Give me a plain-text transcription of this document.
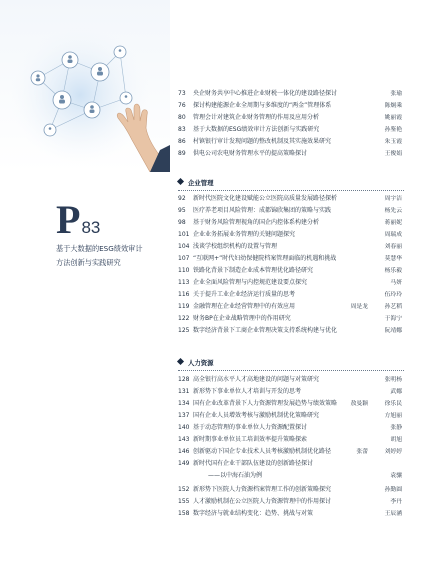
P83
基于大数据的ESG绩效审计
方法创新与实践研究
73	央企财务共享中心推进企业财税一体化的建设路径探讨	张瑜
76	探讨构建能源企业全周期与多维度的“两金”管理体系	陈炯乘
80	管理会计对建筑企业财务管理的作用及应用分析	姚丽霞
83	基于大数据的ESG绩效审计方法创新与实践研究	孙鉴艳
86	村镇银行审计发现问题的整改机制及其实施效果研究	朱玉霞
89	供电公司农电财务管理水平的提高策略探讨	王俊娟
企业管理
92	新时代医院文化建设赋能公立医院高质量发展路径探析	周宇洁
95	医疗养老项目风险管理：成都锦欣集团的策略与实践	杨先云
98	基于财务风险管理视角的国企内控体系构建分析	蒋丽妮
101 企业业务拓展业务管理的关键问题探究	周瑞成
104 浅谈学校组织机构的设置与管理	刘春丽
107 “互联网+”时代妇幼保健院档案管理面临的机遇和挑战	莫慧华
110 铁路化背景下制造企业成本管理优化路径研究	杨乐毅
113 企业全面风险管理与内控规范建设要点探究	马妍
116 关于提升工业企业经济运行质量的思考	伍玲玲
119 金融管理在企业经营管理中的有效应用	周是龙	孙艺稻
122 财务BP在企业战略管理中的作用研究	于海宁
125 数字经济背景下工商企业管理决策支持系统构建与优化	阮靖娜
人力资源
128 高全银行高水平人才高地建设的问题与对策研究	张明杨
131 新形势下事业单位人才培训与开发的思考	武娜
134 国有企业改革背景下人力资源管理发展趋势与绩效策略	敖曼颖	徐乐民
137 国有企业人员增效考核与激励机制优化策略研究	方旭丽
140 基于动态管理的事业单位人力资源配置探讨	张静
143 新时期事业单位员工培训效率提升策略探索	胡旭
146 创新驱动下国企专业技术人员考核激励机制优化路径	张蕾	刘婷婷
149 新时代国有企业干部队伍建设的创新路径探讨
——以中海石油为例	袁骧
152 新形势下医院人力资源档案管理工作的创新策略探究	孙勤圆
155 人才激励机制在公立医院人力资源管理中的作用探讨	李丹
158 数字经济与就业结构变化：趋势、挑战与对策	王辰涵
